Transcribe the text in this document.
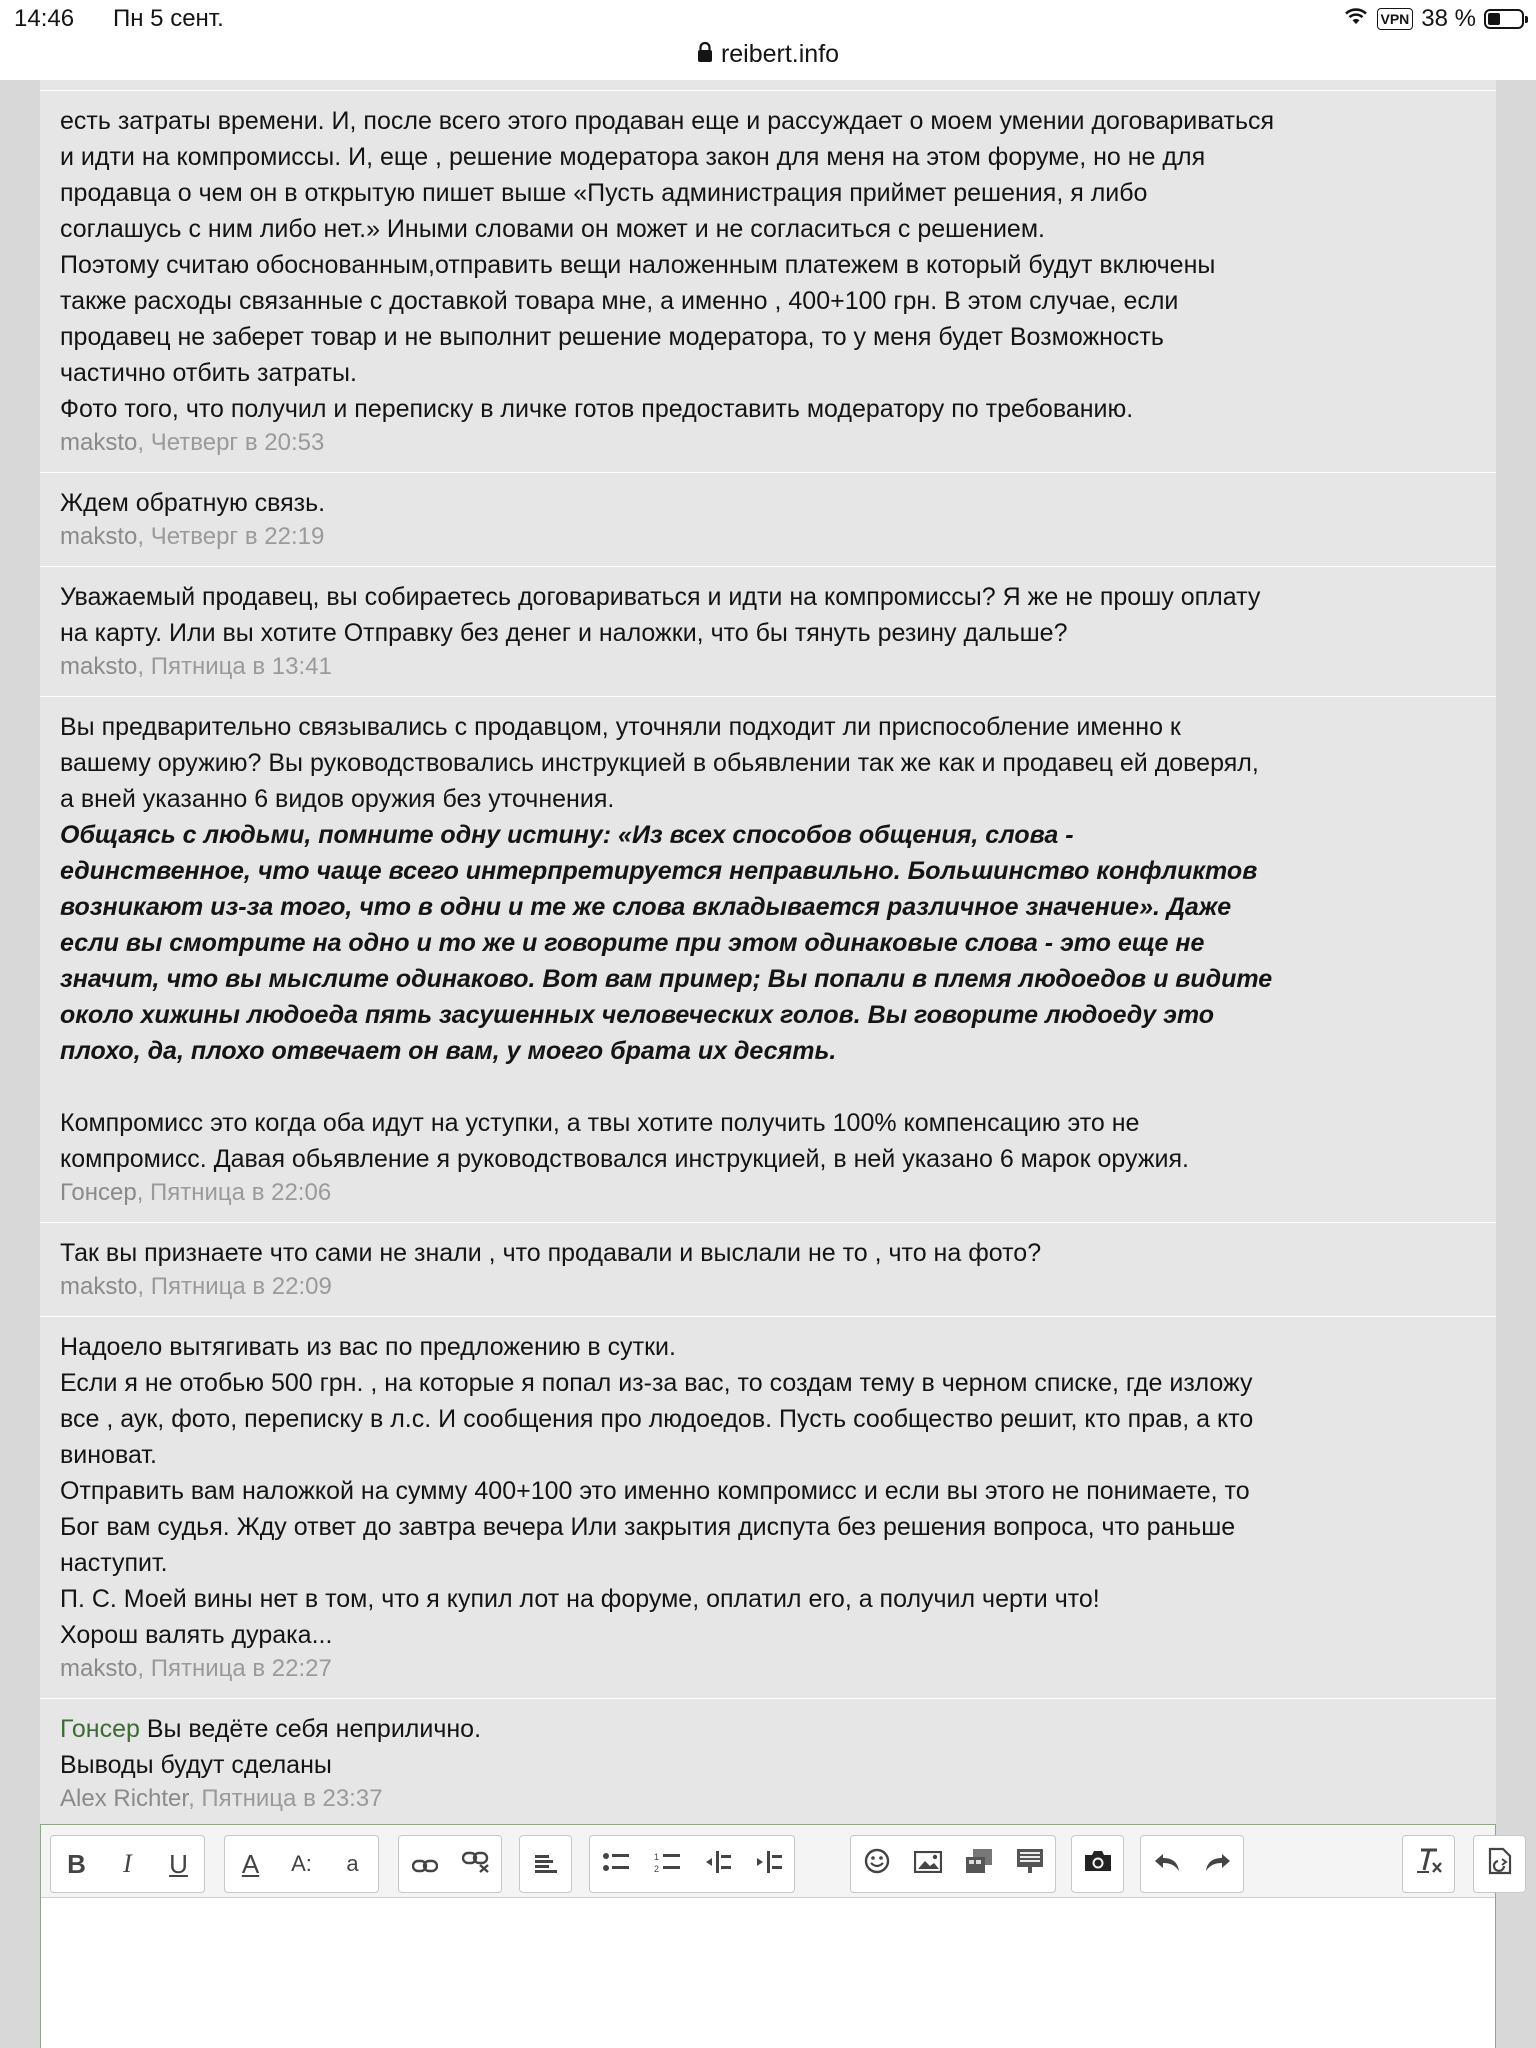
14:46 Пн 5 сент.	VPN 38 %
reibert.info
есть затраты времени. И, после всего этого продаван еще и рассуждает о моем умении договариваться
и идти на компромиссы. И, еще , решение модератора закон для меня на этом форуме, но не для
продавца о чем он в открытую пишет выше «Пусть администрация приймет решения, я либо
соглашусь с ним либо нет.» Иными словами он может и не согласиться с решением.
Поэтому считаю обоснованным,отправить вещи наложенным платежем в который будут включены
также расходы связанные с доставкой товара мне, а именно , 400+100 грн. В этом случае, если
продавец не заберет товар и не выполнит решение модератора, то у меня будет Возможность
частично отбить затраты.
Фото того, что получил и переписку в личке готов предоставить модератору по требованию.
maksto, Четверг в 20:53
Ждем обратную связь.
maksto, Четверг в 22:19
Уважаемый продавец, вы собираетесь договариваться и идти на компромиссы? Я же не прошу оплату
на карту. Или вы хотите Отправку без денег и наложки, что бы тянуть резину дальше?
maksto, Пятница в 13:41
Вы предварительно связывались с продавцом, уточняли подходит ли приспособление именно к
вашему оружию? Вы руководствовались инструкцией в обьявлении так же как и продавец ей доверял,
а вней указанно 6 видов оружия без уточнения.
Общаясь с людьми, помните одну истину: «Из всех способов общения, слова -
единственное, что чаще всего интерпретируется неправильно. Большинство конфликтов
возникают из-за того, что в одни и те же слова вкладывается различное значение». Даже
если вы смотрите на одно и то же и говорите при этом одинаковые слова - это еще не
значит, что вы мыслите одинаково. Вот вам пример; Вы попали в племя людоедов и видите
около хижины людоеда пять засушенных человеческих голов. Вы говорите людоеду это
плохо, да, плохо отвечает он вам, у моего брата их десять.
Компромисс это когда оба идут на уступки, а твы хотите получить 100% компенсацию это не
компромисс. Давая обьявление я руководствовался инструкцией, в ней указано 6 марок оружия.
Гонсер, Пятница в 22:06
Так вы признаете что сами не знали , что продавали и выслали не то , что на фото?
maksto, Пятница в 22:09
Надоело вытягивать из вас по предложению в сутки.
Если я не отобью 500 грн. , на которые я попал из-за вас, то создам тему в черном списке, где изложу
все , аук, фото, переписку в л.с. И сообщения про людоедов. Пусть сообщество решит, кто прав, а кто
виноват.
Отправить вам наложкой на сумму 400+100 это именно компромисс и если вы этого не понимаете, то
Бог вам судья. Жду ответ до завтра вечера Или закрытия диспута без решения вопроса, что раньше
наступит.
П. С. Моей вины нет в том, что я купил лот на форуме, оплатил его, а получил черти что!
Хорош валять дурака...
maksto, Пятница в 22:27
Гонсер Вы ведёте себя неприлично.
Выводы будут сделаны
Alex Richter, Пятница в 23:37
B I U A A: a	1
2
